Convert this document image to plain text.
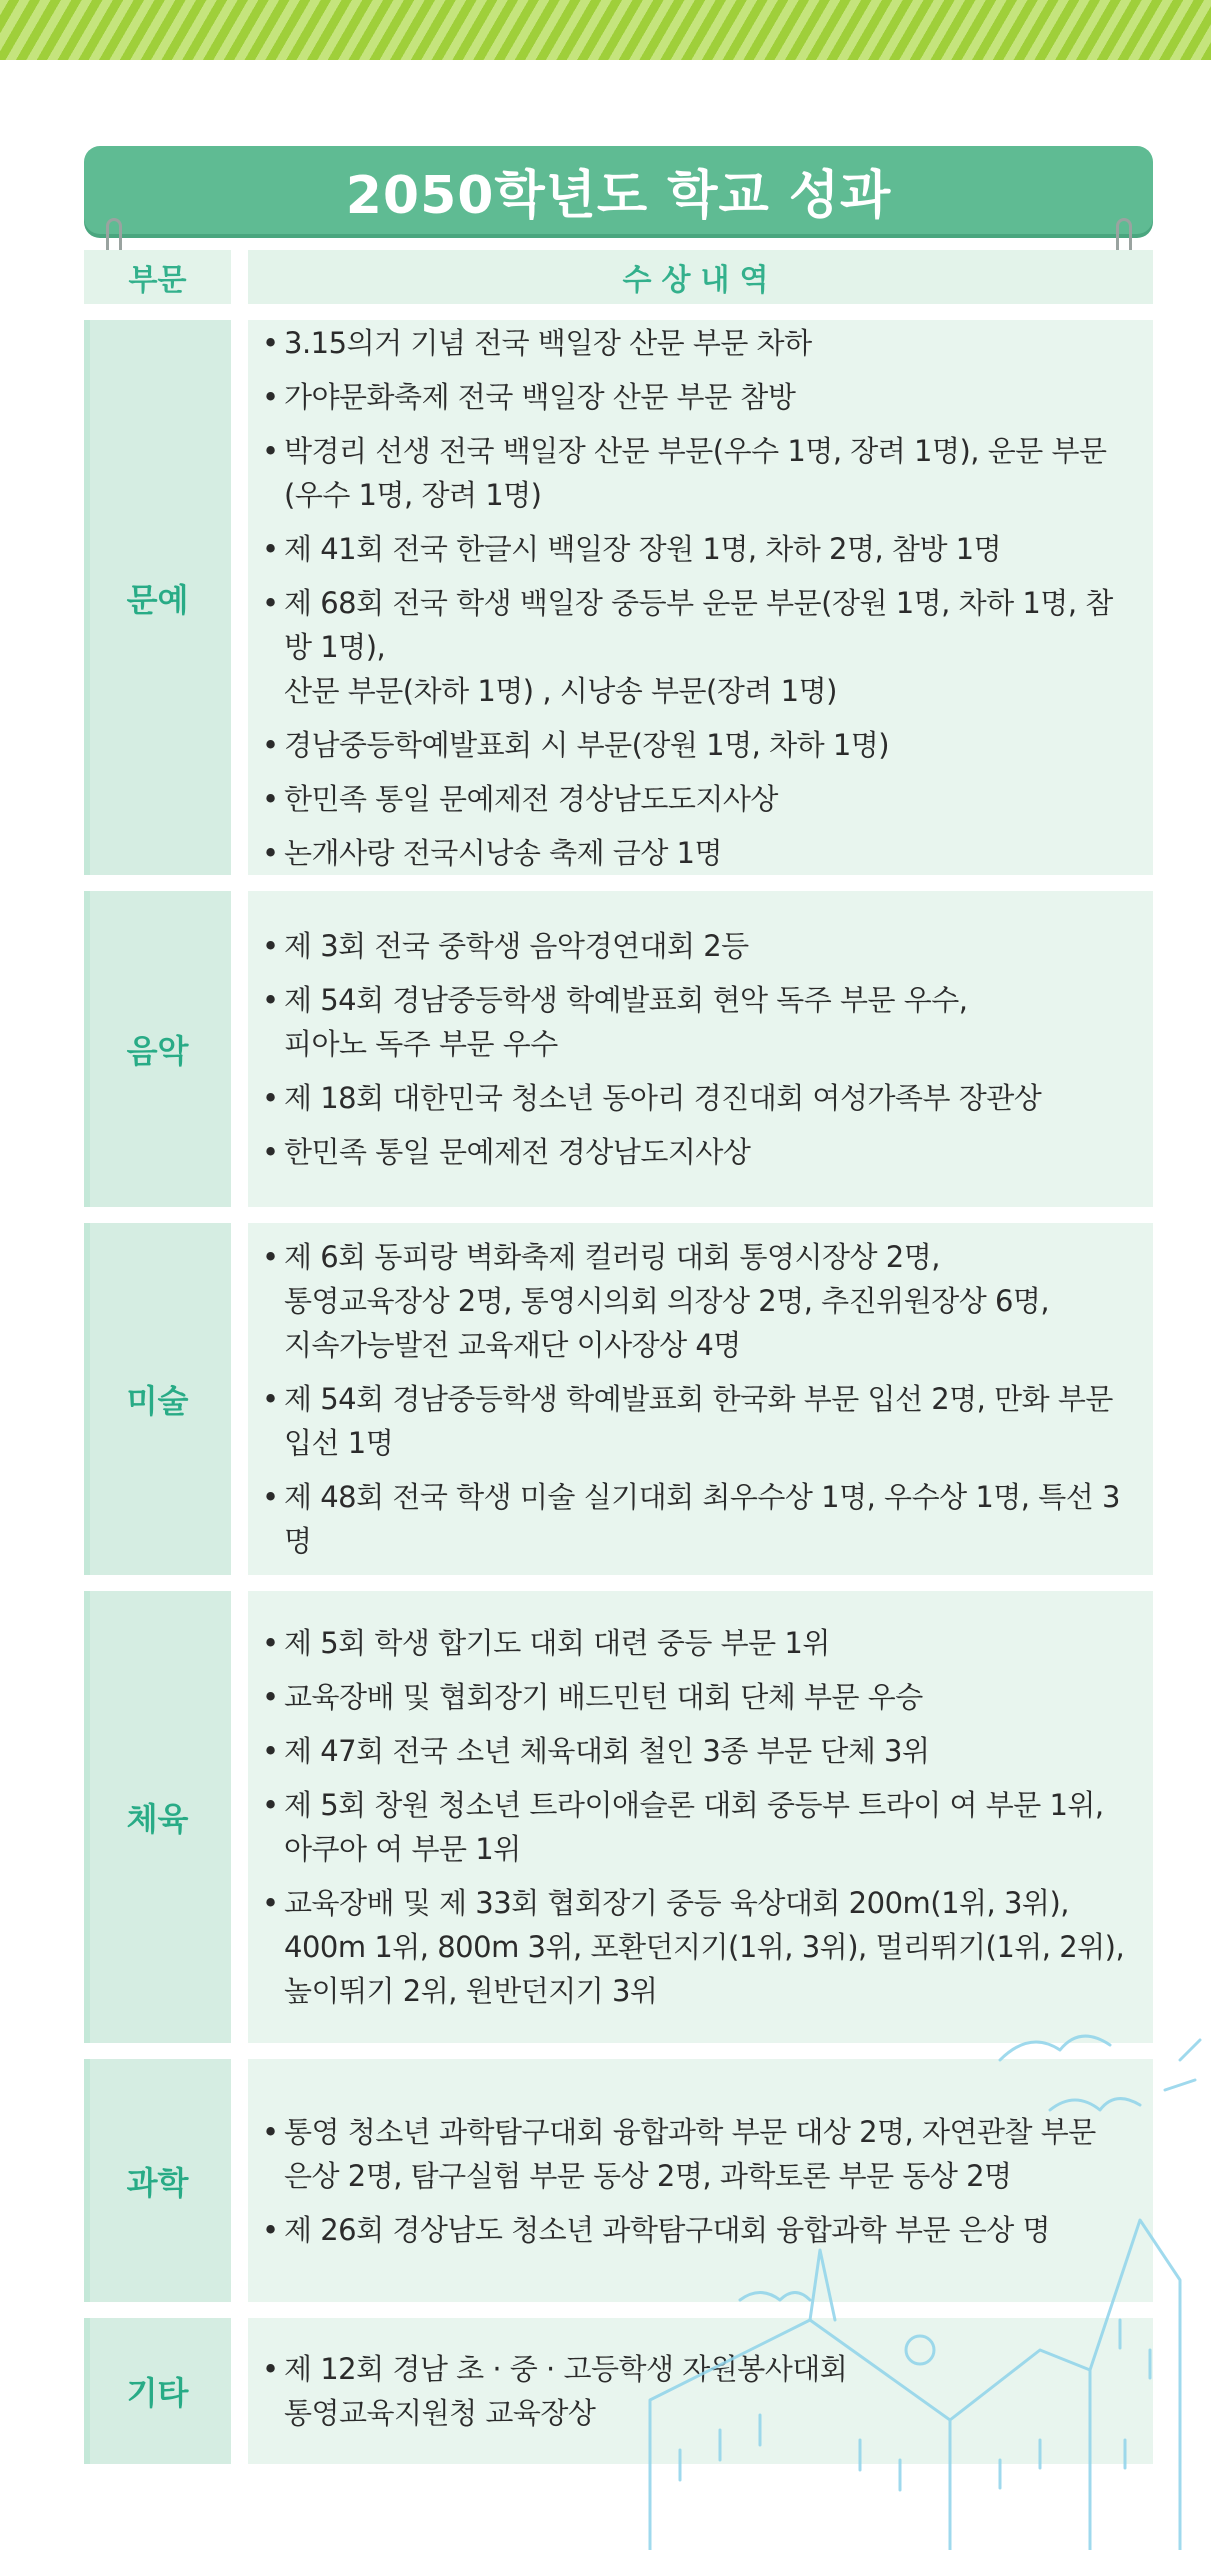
2050학년도 학교 성과
부문	수상내역
문예
• 3.15의거 기념 전국 백일장 산문 부문 차하
• 가야문화축제 전국 백일장 산문 부문 참방
• 박경리 선생 전국 백일장 산문 부문(우수 1명, 장려 1명), 운문 부문
(우수 1명, 장려 1명)
• 제 41회 전국 한글시 백일장 장원 1명, 차하 2명, 참방 1명
• 제 68회 전국 학생 백일장 중등부 운문 부문(장원 1명, 차하 1명, 참방 1명),
산문 부문(차하 1명) , 시낭송 부문(장려 1명)
• 경남중등학예발표회 시 부문(장원 1명, 차하 1명)
• 한민족 통일 문예제전 경상남도도지사상
• 논개사랑 전국시낭송 축제 금상 1명
음악
• 제 3회 전국 중학생 음악경연대회 2등
• 제 54회 경남중등학생 학예발표회 현악 독주 부문 우수,
피아노 독주 부문 우수
• 제 18회 대한민국 청소년 동아리 경진대회 여성가족부 장관상
• 한민족 통일 문예제전 경상남도지사상
미술
• 제 6회 동피랑 벽화축제 컬러링 대회 통영시장상 2명,
통영교육장상 2명, 통영시의회 의장상 2명, 추진위원장상 6명,
지속가능발전 교육재단 이사장상 4명
• 제 54회 경남중등학생 학예발표회 한국화 부문 입선 2명, 만화 부문
입선 1명
• 제 48회 전국 학생 미술 실기대회 최우수상 1명, 우수상 1명, 특선 3명
체육
• 제 5회 학생 합기도 대회 대련 중등 부문 1위
• 교육장배 및 협회장기 배드민턴 대회 단체 부문 우승
• 제 47회 전국 소년 체육대회 철인 3종 부문 단체 3위
• 제 5회 창원 청소년 트라이애슬론 대회 중등부 트라이 여 부문 1위,
아쿠아 여 부문 1위
• 교육장배 및 제 33회 협회장기 중등 육상대회 200m(1위, 3위),
400m 1위, 800m 3위, 포환던지기(1위, 3위), 멀리뛰기(1위, 2위),
높이뛰기 2위, 원반던지기 3위
과학
• 통영 청소년 과학탐구대회 융합과학 부문 대상 2명, 자연관찰 부문
은상 2명, 탐구실험 부문 동상 2명, 과학토론 부문 동상 2명
• 제 26회 경상남도 청소년 과학탐구대회 융합과학 부문 은상 명
기타
• 제 12회 경남 초 · 중 · 고등학생 자원봉사대회
통영교육지원청 교육장상
